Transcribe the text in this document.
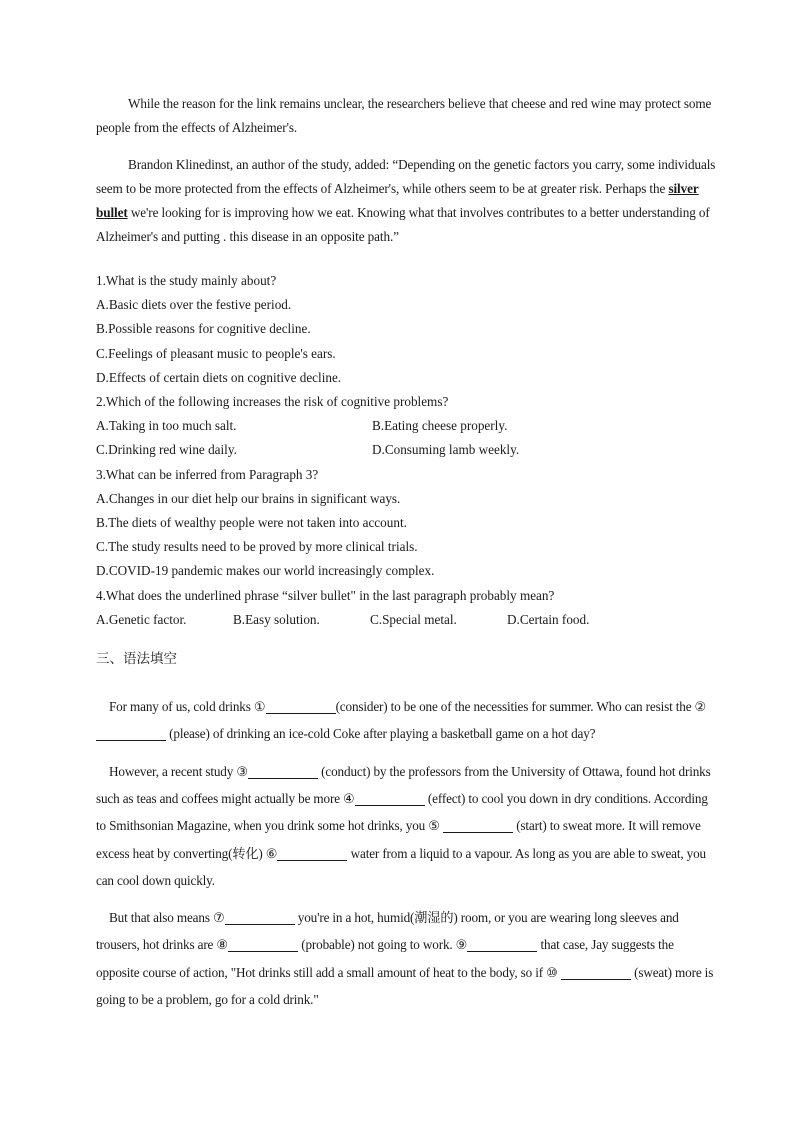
While the reason for the link remains unclear, the researchers believe that cheese and red wine may protect some people from the effects of Alzheimer's.

Brandon Klinedinst, an author of the study, added: “Depending on the genetic factors you carry, some individuals seem to be more protected from the effects of Alzheimer's, while others seem to be at greater risk. Perhaps the silver bullet we're looking for is improving how we eat. Knowing what that involves contributes to a better understanding of Alzheimer's and putting . this disease in an opposite path.”

1.What is the study mainly about?

A.Basic diets over the festive period.

B.Possible reasons for cognitive decline.

C.Feelings of pleasant music to people's ears.

D.Effects of certain diets on cognitive decline.

2.Which of the following increases the risk of cognitive problems?

A.Taking in too much salt.	B.Eating cheese properly.
C.Drinking red wine daily.	D.Consuming lamb weekly.

3.What can be inferred from Paragraph 3?

A.Changes in our diet help our brains in significant ways.

B.The diets of wealthy people were not taken into account.

C.The study results need to be proved by more clinical trials.

D.COVID-19 pandemic makes our world increasingly complex.

4.What does the underlined phrase “silver bullet" in the last paragraph probably mean?

A.Genetic factor.	B.Easy solution.	C.Special metal.	D.Certain food.

三、语法填空

For many of us, cold drinks ①	(consider) to be one of the necessities for summer. Who can resist the ② (please) of drinking an ice-cold Coke after playing a basketball game on a hot day?

However, a recent study ③	(conduct) by the professors from the University of Ottawa, found hot drinks such as teas and coffees might actually be more ④	(effect) to cool you down in dry conditions. According to Smithsonian Magazine, when you drink some hot drinks, you ⑤	(start) to sweat more. It will remove excess heat by converting(转化) ⑥	water from a liquid to a vapour. As long as you are able to sweat, you can cool down quickly.

But that also means ⑦	you're in a hot, humid(潮湿的) room, or you are wearing long sleeves and trousers, hot drinks are ⑧	(probable) not going to work. ⑨	that case, Jay suggests the opposite course of action, "Hot drinks still add a small amount of heat to the body, so if ⑩	(sweat) more is going to be a problem, go for a cold drink."
